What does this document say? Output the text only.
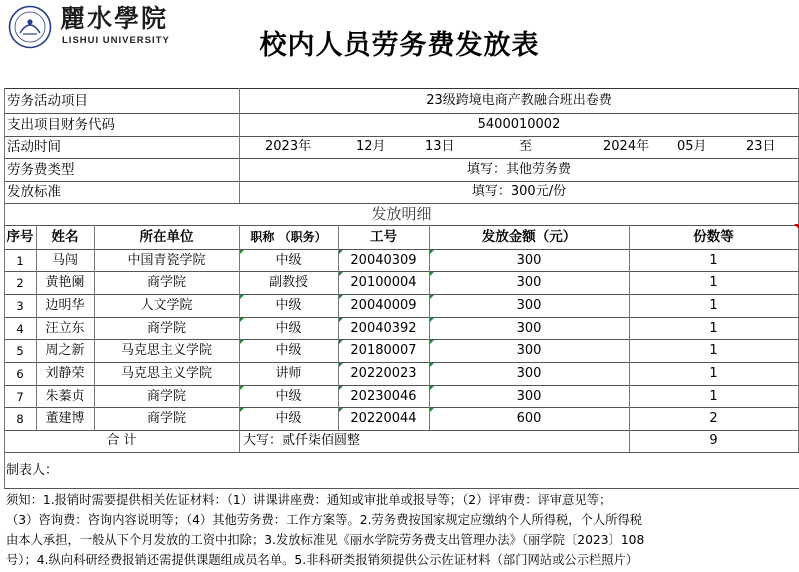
麗水學院
LISHUI UNIVERSITY	校内人员劳务费发放表
劳务活动项目	23级跨境电商产教融合班出卷费
支出项目财务代码	5400010002
活动时间	2023年	12月	13日	至	2024年 05月	23日
劳务费类型	填写：其他劳务费
发放标准	填写：300元/份
发放明细
序号	姓名	所在单位	职称 （职务）	工号	发放金额（元）	份数等
1	马闯	中国青瓷学院	中级	20040309	300	1
2	黄艳阑	商学院	副教授	20100004	300	1
3	边明华	人文学院	中级	20040009	300	1
4	汪立东	商学院	中级	20040392	300	1
5	周之新	马克思主义学院	中级	20180007	300	1
6	刘静荣	马克思主义学院	讲师	20220023	300	1
7	朱蓁贞	商学院	中级	20230046	300	1
8	董建博	商学院	中级	20220044	600	2
合 计	大写：贰仟柒佰圆整	9
制表人：
须知：1.报销时需要提供相关佐证材料：（1）讲课讲座费：通知或审批单或报导等；（2）评审费：评审意见等；
（3）咨询费：咨询内容说明等；（4）其他劳务费：工作方案等。2.劳务费按国家规定应缴纳个人所得税，个人所得税
由本人承担，一般从下个月发放的工资中扣除；3.发放标准见《丽水学院劳务费支出管理办法》（丽学院〔2023〕108
号）；4.纵向科研经费报销还需提供课题组成员名单。5.非科研类报销须提供公示佐证材料（部门网站或公示栏照片）
